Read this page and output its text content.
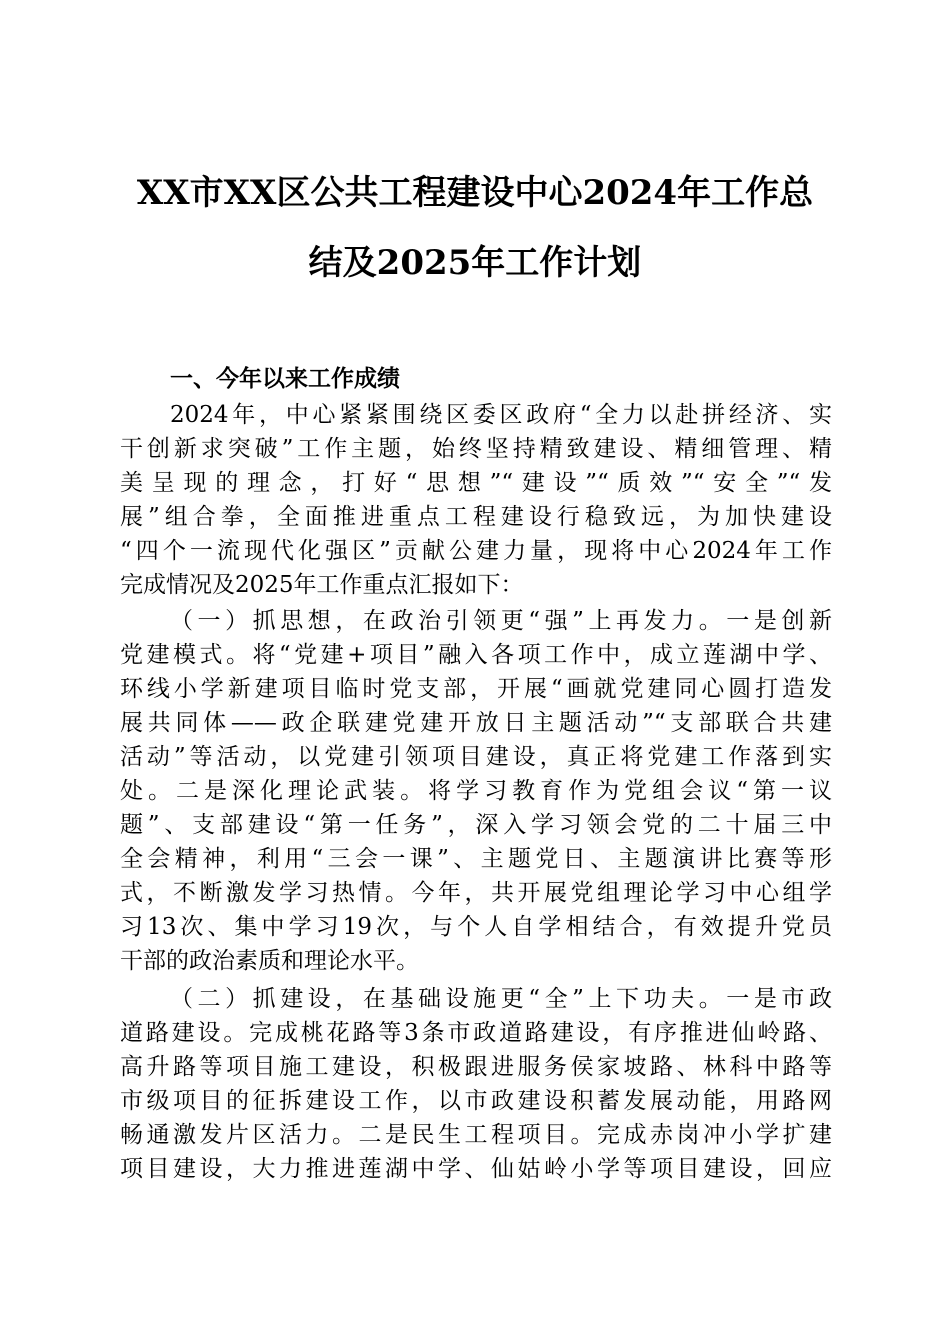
XX市XX区公共工程建设中心2024年工作总
结及2025年工作计划
一、今年以来工作成绩
2024年，中心紧紧围绕区委区政府“全力以赴拼经济、实
干创新求突破”工作主题，始终坚持精致建设、精细管理、精
美呈现的理念，打好“思想”“建设”“质效”“安全”“发
展”组合拳，全面推进重点工程建设行稳致远，为加快建设
“四个一流现代化强区”贡献公建力量，现将中心2024年工作
完成情况及2025年工作重点汇报如下：
（一）抓思想，在政治引领更“强”上再发力。一是创新
党建模式。将“党建+项目”融入各项工作中，成立莲湖中学、
环线小学新建项目临时党支部，开展“画就党建同心圆打造发
展共同体——政企联建党建开放日主题活动”“支部联合共建
活动”等活动，以党建引领项目建设，真正将党建工作落到实
处。二是深化理论武装。将学习教育作为党组会议“第一议
题”、支部建设“第一任务”，深入学习领会党的二十届三中
全会精神，利用“三会一课”、主题党日、主题演讲比赛等形
式，不断激发学习热情。今年，共开展党组理论学习中心组学
习13次、集中学习19次，与个人自学相结合，有效提升党员
干部的政治素质和理论水平。
（二）抓建设，在基础设施更“全”上下功夫。一是市政
道路建设。完成桃花路等3条市政道路建设，有序推进仙岭路、
高升路等项目施工建设，积极跟进服务侯家坡路、林科中路等
市级项目的征拆建设工作，以市政建设积蓄发展动能，用路网
畅通激发片区活力。二是民生工程项目。完成赤岗冲小学扩建
项目建设，大力推进莲湖中学、仙姑岭小学等项目建设，回应
